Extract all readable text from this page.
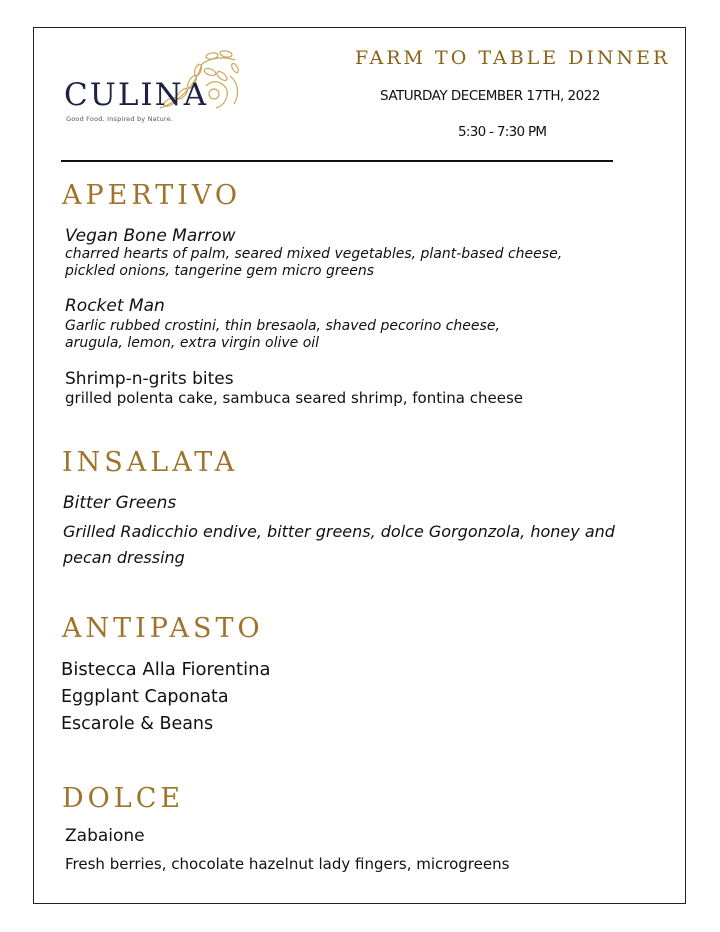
CULINA
Good Food. Inspired by Nature.
FARM TO TABLE DINNER
SATURDAY DECEMBER 17TH, 2022
5:30 - 7:30 PM
APERTIVO
Vegan Bone Marrow
charred hearts of palm, seared mixed vegetables, plant-based cheese,
pickled onions, tangerine gem micro greens
Rocket Man
Garlic rubbed crostini, thin bresaola, shaved pecorino cheese,
arugula, lemon, extra virgin olive oil
Shrimp-n-grits bites
grilled polenta cake, sambuca seared shrimp, fontina cheese
INSALATA
Bitter Greens
Grilled Radicchio endive, bitter greens, dolce Gorgonzola, honey and pecan dressing
ANTIPASTO
Bistecca Alla Fiorentina
Eggplant Caponata
Escarole & Beans
DOLCE
Zabaione
Fresh berries, chocolate hazelnut lady fingers, microgreens
